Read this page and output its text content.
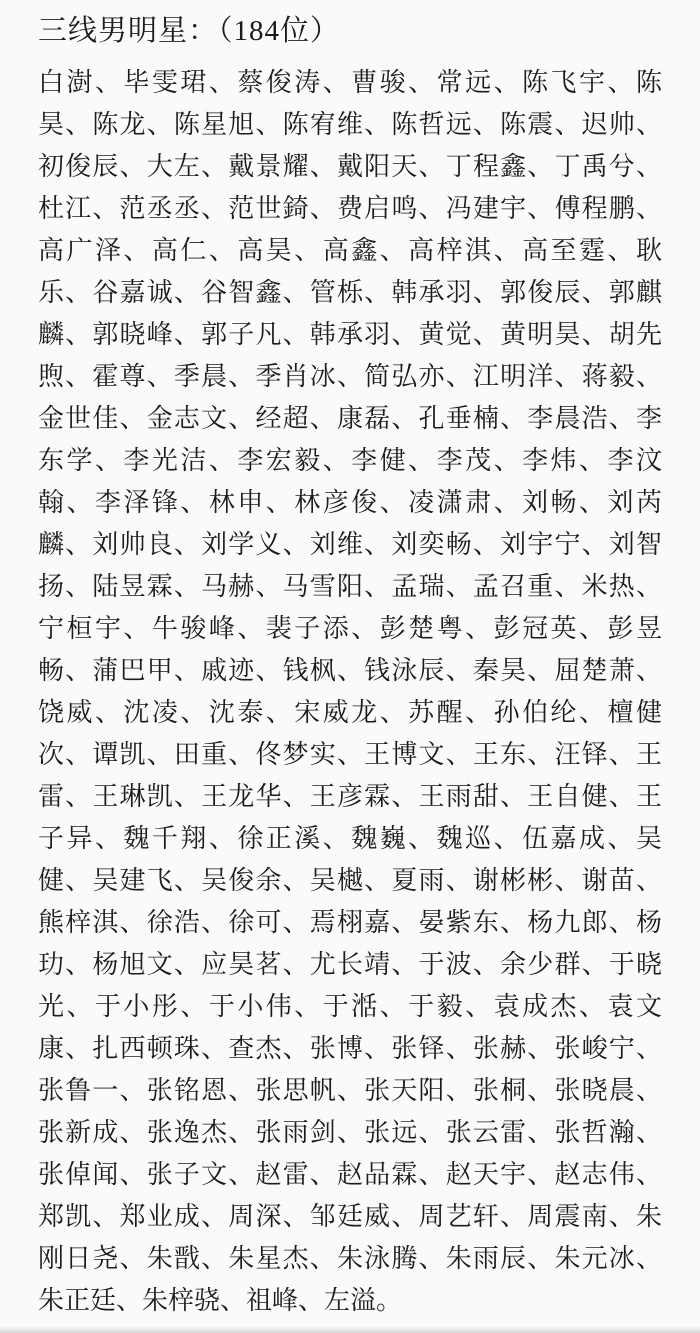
三线男明星：（184位）
白澍、毕雯珺、蔡俊涛、曹骏、常远、陈飞宇、陈
昊、陈龙、陈星旭、陈宥维、陈哲远、陈震、迟帅、
初俊辰、大左、戴景耀、戴阳天、丁程鑫、丁禹兮、
杜江、范丞丞、范世錡、费启鸣、冯建宇、傅程鹏、
高广泽、高仁、高昊、高鑫、高梓淇、高至霆、耿
乐、谷嘉诚、谷智鑫、管栎、韩承羽、郭俊辰、郭麒
麟、郭晓峰、郭子凡、韩承羽、黄觉、黄明昊、胡先
煦、霍尊、季晨、季肖冰、简弘亦、江明洋、蒋毅、
金世佳、金志文、经超、康磊、孔垂楠、李晨浩、李
东学、李光洁、李宏毅、李健、李茂、李炜、李汶
翰、李泽锋、林申、林彦俊、凌潇肃、刘畅、刘芮
麟、刘帅良、刘学义、刘维、刘奕畅、刘宇宁、刘智
扬、陆昱霖、马赫、马雪阳、孟瑞、孟召重、米热、
宁桓宇、牛骏峰、裴子添、彭楚粤、彭冠英、彭昱
畅、蒲巴甲、戚迹、钱枫、钱泳辰、秦昊、屈楚萧、
饶威、沈凌、沈泰、宋威龙、苏醒、孙伯纶、檀健
次、谭凯、田重、佟梦实、王博文、王东、汪铎、王
雷、王琳凯、王龙华、王彦霖、王雨甜、王自健、王
子异、魏千翔、徐正溪、魏巍、魏巡、伍嘉成、吴
健、吴建飞、吴俊余、吴樾、夏雨、谢彬彬、谢苗、
熊梓淇、徐浩、徐可、焉栩嘉、晏紫东、杨九郎、杨
玏、杨旭文、应昊茗、尤长靖、于波、余少群、于晓
光、于小彤、于小伟、于湉、于毅、袁成杰、袁文
康、扎西顿珠、查杰、张博、张铎、张赫、张峻宁、
张鲁一、张铭恩、张思帆、张天阳、张桐、张晓晨、
张新成、张逸杰、张雨剑、张远、张云雷、张哲瀚、
张倬闻、张子文、赵雷、赵品霖、赵天宇、赵志伟、
郑凯、郑业成、周深、邹廷威、周艺轩、周震南、朱
刚日尧、朱戬、朱星杰、朱泳腾、朱雨辰、朱元冰、
朱正廷、朱梓骁、祖峰、左溢。
